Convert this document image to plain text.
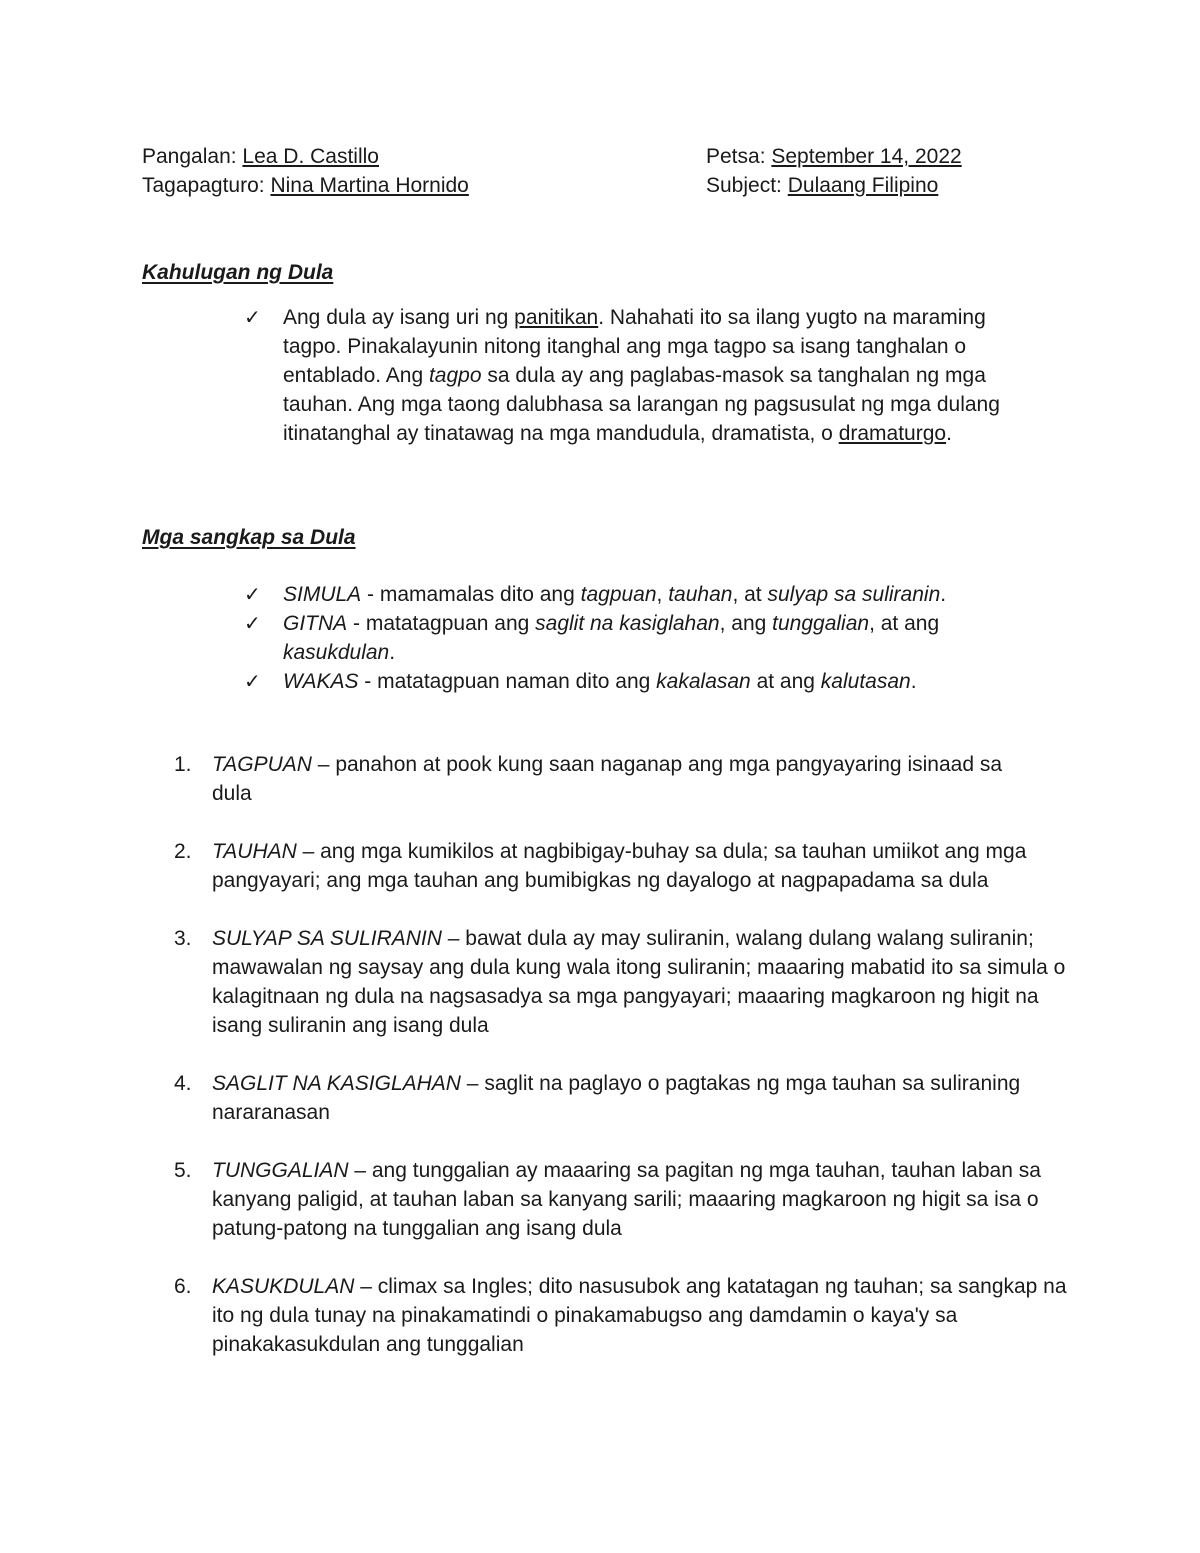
Pangalan: Lea D. Castillo
Tagapagturo: Nina Martina Hornido
Petsa: September 14, 2022
Subject: Dulaang Filipino
Kahulugan ng Dula
✓	Ang dula ay isang uri ng panitikan. Nahahati ito sa ilang yugto na maraming tagpo. Pinakalayunin nitong itanghal ang mga tagpo sa isang tanghalan o entablado. Ang tagpo sa dula ay ang paglabas-masok sa tanghalan ng mga tauhan. Ang mga taong dalubhasa sa larangan ng pagsusulat ng mga dulang itinatanghal ay tinatawag na mga mandudula, dramatista, o dramaturgo.
Mga sangkap sa Dula
✓	SIMULA - mamamalas dito ang tagpuan, tauhan, at sulyap sa suliranin.
✓	GITNA - matatagpuan ang saglit na kasiglahan, ang tunggalian, at ang kasukdulan.
✓	WAKAS - matatagpuan naman dito ang kakalasan at ang kalutasan.
1. TAGPUAN – panahon at pook kung saan naganap ang mga pangyayaring isinaad sa dula
2. TAUHAN – ang mga kumikilos at nagbibigay-buhay sa dula; sa tauhan umiikot ang mga pangyayari; ang mga tauhan ang bumibigkas ng dayalogo at nagpapadama sa dula
3. SULYAP SA SULIRANIN – bawat dula ay may suliranin, walang dulang walang suliranin; mawawalan ng saysay ang dula kung wala itong suliranin; maaaring mabatid ito sa simula o kalagitnaan ng dula na nagsasadya sa mga pangyayari; maaaring magkaroon ng higit na isang suliranin ang isang dula
4. SAGLIT NA KASIGLAHAN – saglit na paglayo o pagtakas ng mga tauhan sa suliraning nararanasan
5. TUNGGALIAN – ang tunggalian ay maaaring sa pagitan ng mga tauhan, tauhan laban sa kanyang paligid, at tauhan laban sa kanyang sarili; maaaring magkaroon ng higit sa isa o patung-patong na tunggalian ang isang dula
6. KASUKDULAN – climax sa Ingles; dito nasusubok ang katatagan ng tauhan; sa sangkap na ito ng dula tunay na pinakamatindi o pinakamabugso ang damdamin o kaya'y sa pinakakasukdulan ang tunggalian
